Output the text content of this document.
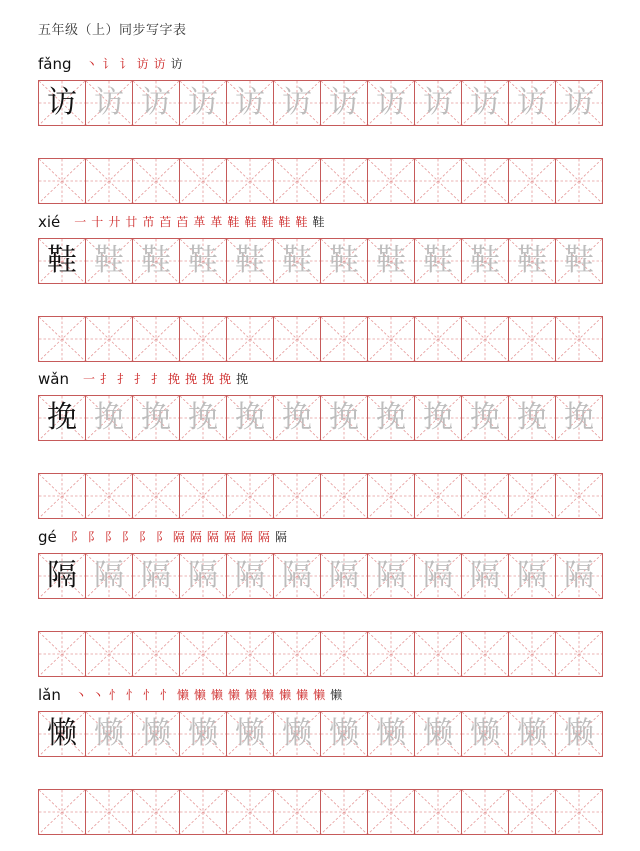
五年级（上）同步写字表
fǎng 丶 讠 讠 访 访 访
访 访 访 访 访 访 访 访 访 访 访 访
xié 一 十 廾 廿 芇 苩 苩 革 革 鞋 鞋 鞋 鞋 鞋 鞋
鞋 鞋 鞋 鞋 鞋 鞋 鞋 鞋 鞋 鞋 鞋 鞋
wǎn 一 扌 扌 扌 扌 挽 挽 挽 挽 挽
挽 挽 挽 挽 挽 挽 挽 挽 挽 挽 挽 挽
gé 阝 阝 阝 阝 阝 阝 隔 隔 隔 隔 隔 隔 隔
隔 隔 隔 隔 隔 隔 隔 隔 隔 隔 隔 隔
lǎn 丶 丶 忄 忄 忄 忄 懒 懒 懒 懒 懒 懒 懒 懒 懒 懒
懒 懒 懒 懒 懒 懒 懒 懒 懒 懒 懒 懒
